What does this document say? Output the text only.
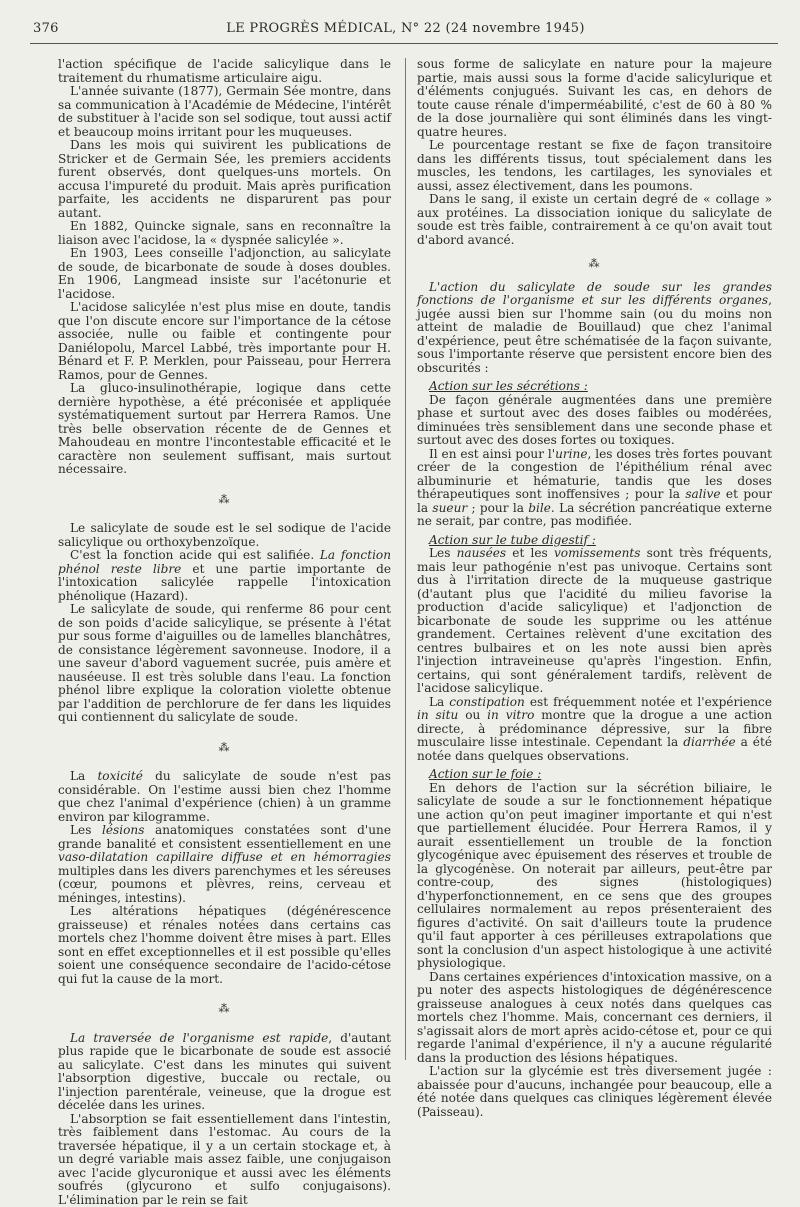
376	LE PROGRÈS MÉDICAL, N° 22 (24 novembre 1945)

l'action spécifique de l'acide salicylique dans le traitement du rhumatisme articulaire aigu.

L'année suivante (1877), Germain Sée montre, dans sa communication à l'Académie de Médecine, l'intérêt de substituer à l'acide son sel sodique, tout aussi actif et beaucoup moins irritant pour les muqueuses.

Dans les mois qui suivirent les publications de Stricker et de Germain Sée, les premiers accidents furent observés, dont quelques-uns mortels. On accusa l'impureté du produit. Mais après purification parfaite, les accidents ne disparurent pas pour autant.

En 1882, Quincke signale, sans en reconnaître la liaison avec l'acidose, la « dyspnée salicylée ».

En 1903, Lees conseille l'adjonction, au salicylate de soude, de bicarbonate de soude à doses doubles. En 1906, Langmead insiste sur l'acétonurie et l'acidose.

L'acidose salicylée n'est plus mise en doute, tandis que l'on discute encore sur l'importance de la cétose associée, nulle ou faible et contingente pour Daniélopolu, Marcel Labbé, très importante pour H. Bénard et F. P. Merklen, pour Paisseau, pour Herrera Ramos, pour de Gennes.

La gluco-insulinothérapie, logique dans cette dernière hypothèse, a été préconisée et appliquée systématiquement surtout par Herrera Ramos. Une très belle observation récente de de Gennes et Mahoudeau en montre l'incontestable efficacité et le caractère non seulement suffisant, mais surtout nécessaire.

⁂

Le salicylate de soude est le sel sodique de l'acide salicylique ou orthoxybenzoïque.

C'est la fonction acide qui est salifiée. La fonction phénol reste libre et une partie importante de l'intoxication salicylée rappelle l'intoxication phénolique (Hazard).

Le salicylate de soude, qui renferme 86 pour cent de son poids d'acide salicylique, se présente à l'état pur sous forme d'aiguilles ou de lamelles blanchâtres, de consistance légèrement savonneuse. Inodore, il a une saveur d'abord vaguement sucrée, puis amère et nauséeuse. Il est très soluble dans l'eau. La fonction phénol libre explique la coloration violette obtenue par l'addition de perchlorure de fer dans les liquides qui contiennent du salicylate de soude.

⁂

La toxicité du salicylate de soude n'est pas considérable. On l'estime aussi bien chez l'homme que chez l'animal d'expérience (chien) à un gramme environ par kilogramme.

Les lésions anatomiques constatées sont d'une grande banalité et consistent essentiellement en une vaso-dilatation capillaire diffuse et en hémorragies multiples dans les divers parenchymes et les séreuses (cœur, poumons et plèvres, reins, cerveau et méninges, intestins).

Les altérations hépatiques (dégénérescence graisseuse) et rénales notées dans certains cas mortels chez l'homme doivent être mises à part. Elles sont en effet exceptionnelles et il est possible qu'elles soient une conséquence secondaire de l'acido-cétose qui fut la cause de la mort.

⁂

La traversée de l'organisme est rapide, d'autant plus rapide que le bicarbonate de soude est associé au salicylate. C'est dans les minutes qui suivent l'absorption digestive, buccale ou rectale, ou l'injection parentérale, veineuse, que la drogue est décelée dans les urines.

L'absorption se fait essentiellement dans l'intestin, très faiblement dans l'estomac. Au cours de la traversée hépatique, il y a un certain stockage et, à un degré variable mais assez faible, une conjugaison avec l'acide glycuronique et aussi avec les éléments soufrés (glycurono et sulfo conjugaisons). L'élimination par le rein se fait

sous forme de salicylate en nature pour la majeure partie, mais aussi sous la forme d'acide salicylurique et d'éléments conjugués. Suivant les cas, en dehors de toute cause rénale d'imperméabilité, c'est de 60 à 80 % de la dose journalière qui sont éliminés dans les vingt-quatre heures.

Le pourcentage restant se fixe de façon transitoire dans les différents tissus, tout spécialement dans les muscles, les tendons, les cartilages, les synoviales et aussi, assez électivement, dans les poumons.

Dans le sang, il existe un certain degré de « collage » aux protéines. La dissociation ionique du salicylate de soude est très faible, contrairement à ce qu'on avait tout d'abord avancé.

⁂

L'action du salicylate de soude sur les grandes fonctions de l'organisme et sur les différents organes, jugée aussi bien sur l'homme sain (ou du moins non atteint de maladie de Bouillaud) que chez l'animal d'expérience, peut être schématisée de la façon suivante, sous l'importante réserve que persistent encore bien des obscurités :

Action sur les sécrétions :

De façon générale augmentées dans une première phase et surtout avec des doses faibles ou modérées, diminuées très sensiblement dans une seconde phase et surtout avec des doses fortes ou toxiques.

Il en est ainsi pour l'urine, les doses très fortes pouvant créer de la congestion de l'épithélium rénal avec albuminurie et hématurie, tandis que les doses thérapeutiques sont inoffensives ; pour la salive et pour la sueur ; pour la bile. La sécrétion pancréatique externe ne serait, par contre, pas modifiée.

Action sur le tube digestif :

Les nausées et les vomissements sont très fréquents, mais leur pathogénie n'est pas univoque. Certains sont dus à l'irritation directe de la muqueuse gastrique (d'autant plus que l'acidité du milieu favorise la production d'acide salicylique) et l'adjonction de bicarbonate de soude les supprime ou les atténue grandement. Certaines relèvent d'une excitation des centres bulbaires et on les note aussi bien après l'injection intraveineuse qu'après l'ingestion. Enfin, certains, qui sont généralement tardifs, relèvent de l'acidose salicylique.

La constipation est fréquemment notée et l'expérience in situ ou in vitro montre que la drogue a une action directe, à prédominance dépressive, sur la fibre musculaire lisse intestinale. Cependant la diarrhée a été notée dans quelques observations.

Action sur le foie :

En dehors de l'action sur la sécrétion biliaire, le salicylate de soude a sur le fonctionnement hépatique une action qu'on peut imaginer importante et qui n'est que partiellement élucidée. Pour Herrera Ramos, il y aurait essentiellement un trouble de la fonction glycogénique avec épuisement des réserves et trouble de la glycogénèse. On noterait par ailleurs, peut-être par contre-coup, des signes (histologiques) d'hyperfonctionnement, en ce sens que des groupes cellulaires normalement au repos présenteraient des figures d'activité. On sait d'ailleurs toute la prudence qu'il faut apporter à ces périlleuses extrapolations que sont la conclusion d'un aspect histologique à une activité physiologique.

Dans certaines expériences d'intoxication massive, on a pu noter des aspects histologiques de dégénérescence graisseuse analogues à ceux notés dans quelques cas mortels chez l'homme. Mais, concernant ces derniers, il s'agissait alors de mort après acido-cétose et, pour ce qui regarde l'animal d'expérience, il n'y a aucune régularité dans la production des lésions hépatiques.

L'action sur la glycémie est très diversement jugée : abaissée pour d'aucuns, inchangée pour beaucoup, elle a été notée dans quelques cas cliniques légèrement élevée (Paisseau).
